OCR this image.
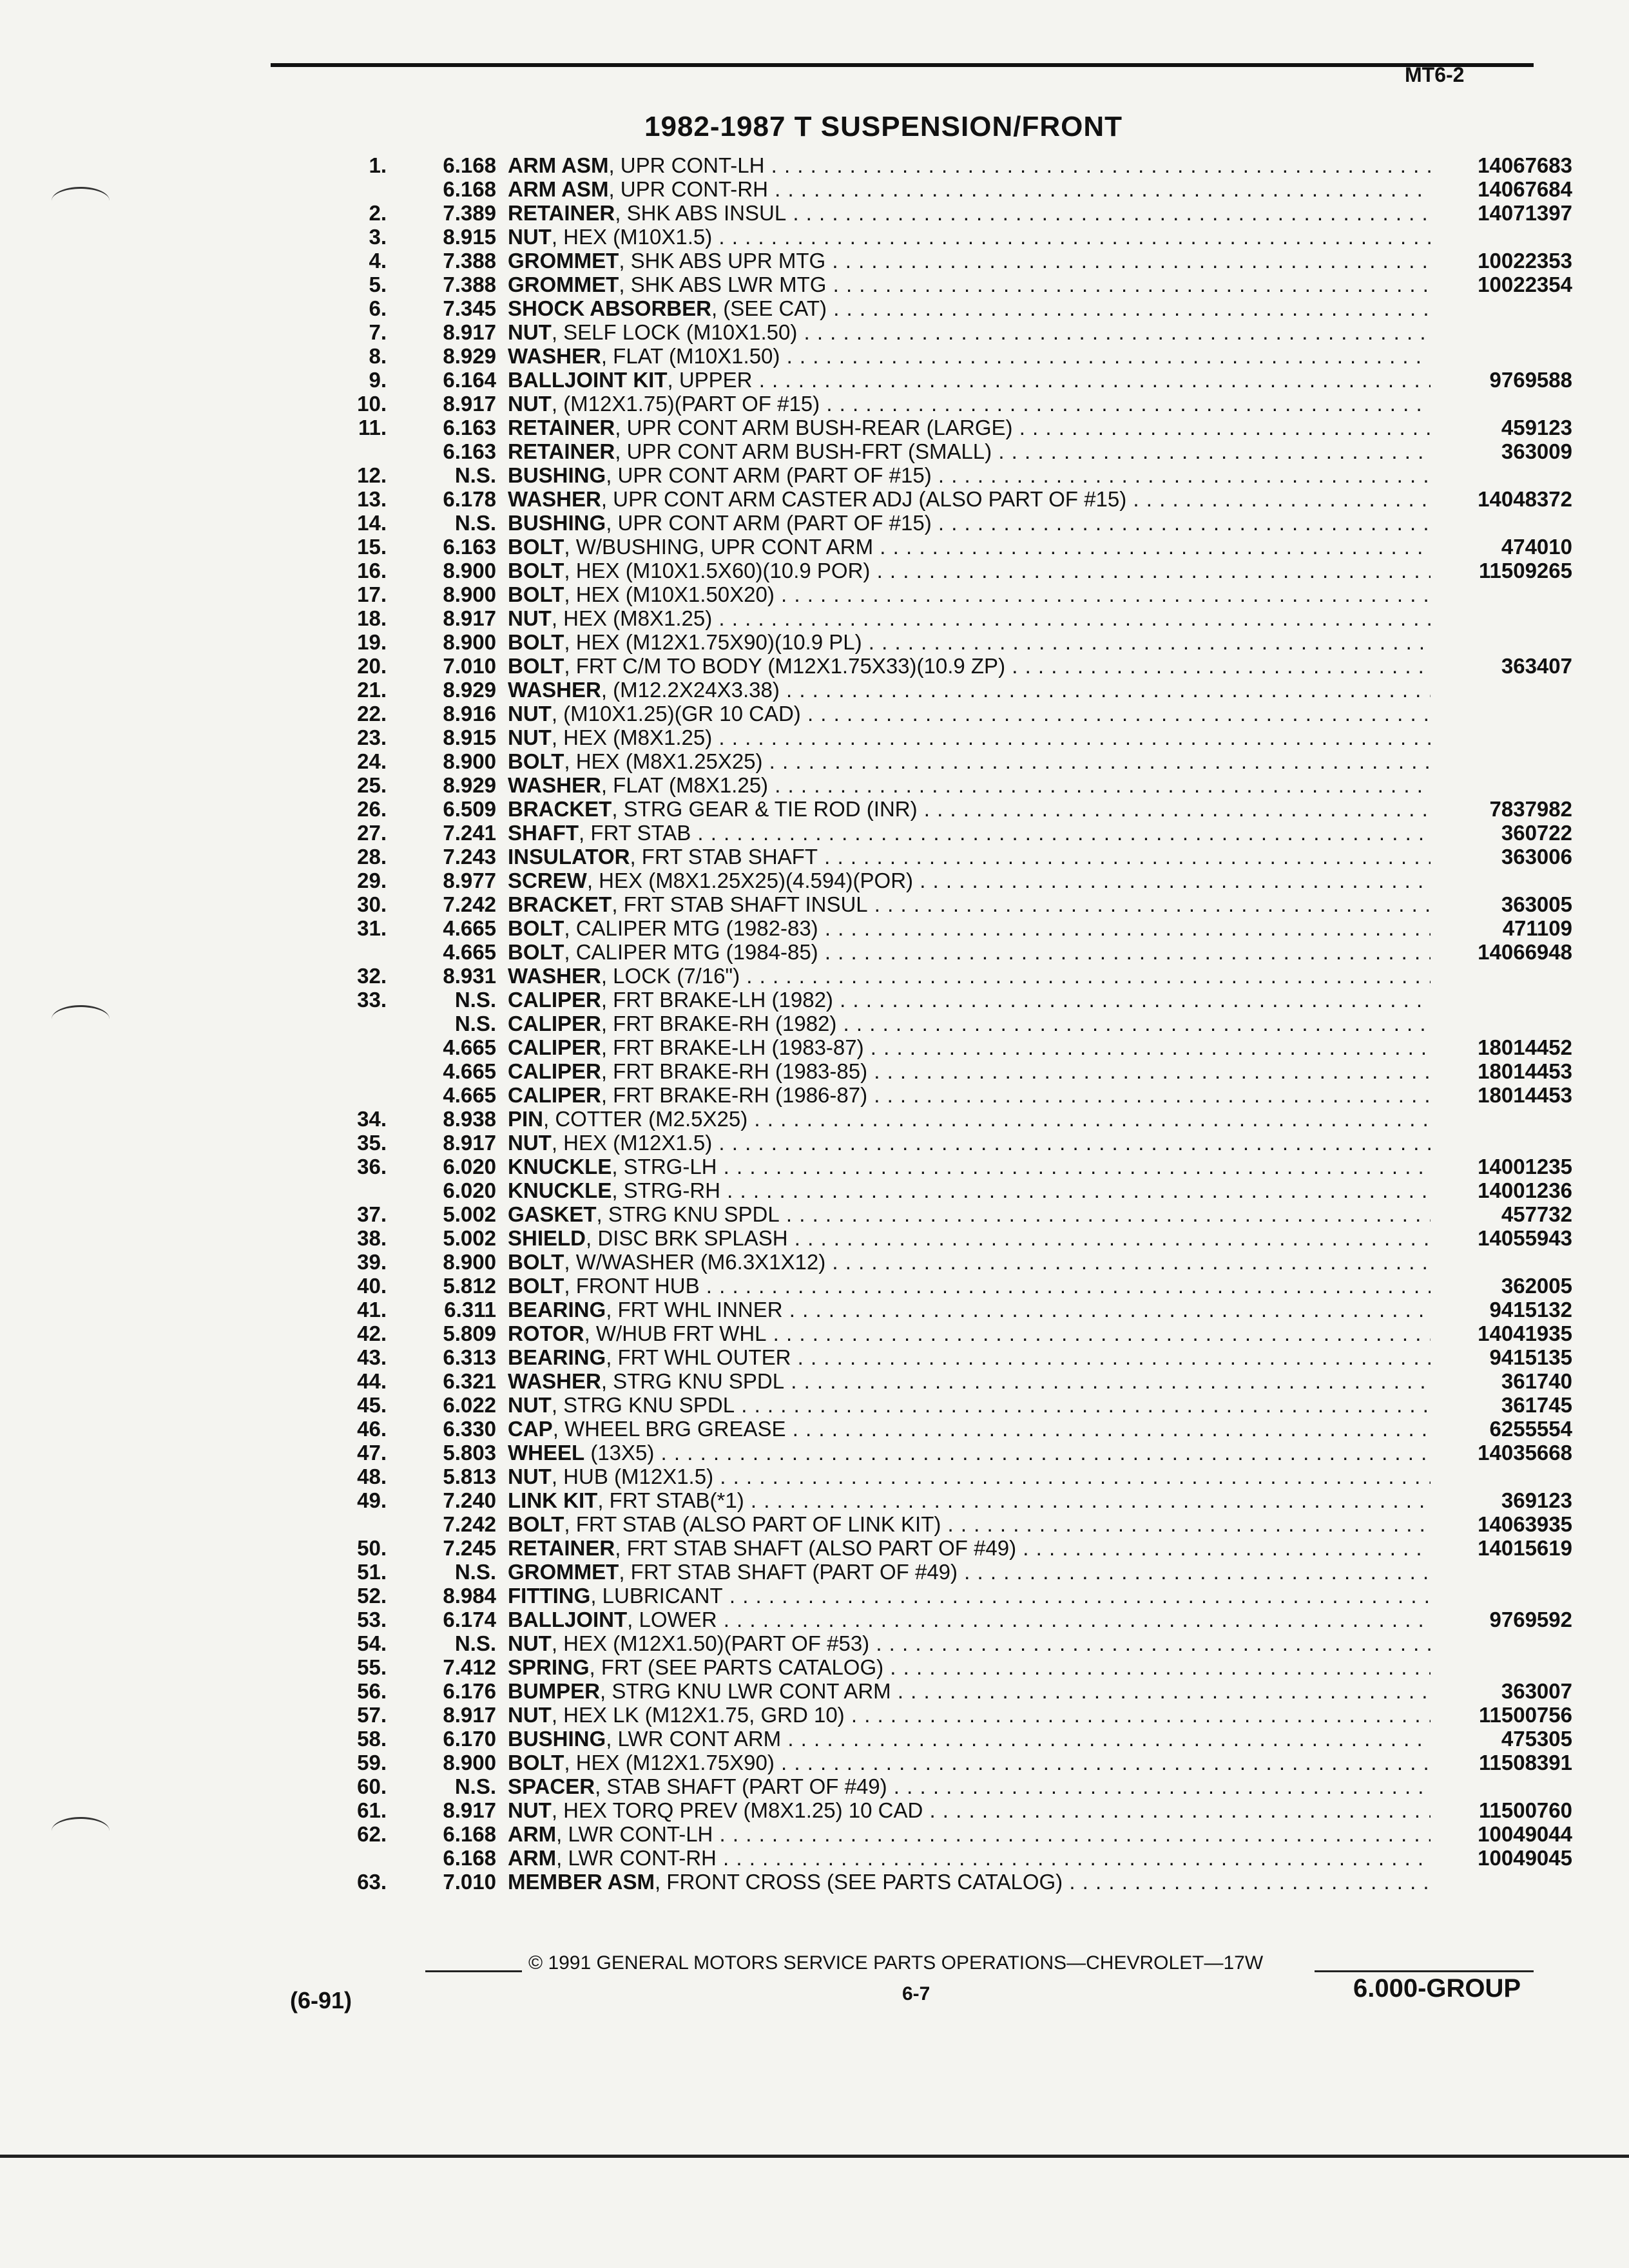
MT6-2
1982-1987 T SUSPENSION/FRONT
1.	6.168 ARM ASM, UPR CONT-LH . . .	14067683
6.168 ARM ASM, UPR CONT-RH . . .	14067684
2.	7.389 RETAINER, SHK ABS INSUL . . .	14071397
3.	8.915 NUT, HEX (M10X1.5) . . .
4.	7.388 GROMMET, SHK ABS UPR MTG . . .	10022353
5.	7.388 GROMMET, SHK ABS LWR MTG . . .	10022354
6.	7.345 SHOCK ABSORBER, (SEE CAT) . . .
7.	8.917 NUT, SELF LOCK (M10X1.50) . . .
8.	8.929 WASHER, FLAT (M10X1.50) . . .
9.	6.164 BALLJOINT KIT, UPPER . . .	9769588
10.	8.917 NUT, (M12X1.75)(PART OF #15) . . .
11.	6.163 RETAINER, UPR CONT ARM BUSH-REAR (LARGE) . . .	459123
6.163 RETAINER, UPR CONT ARM BUSH-FRT (SMALL) . . .	363009
12.	N.S. BUSHING, UPR CONT ARM (PART OF #15) . . .
13.	6.178 WASHER, UPR CONT ARM CASTER ADJ (ALSO PART OF #15) . . .	14048372
14.	N.S. BUSHING, UPR CONT ARM (PART OF #15) . . .
15.	6.163 BOLT, W/BUSHING, UPR CONT ARM . . .	474010
16.	8.900 BOLT, HEX (M10X1.5X60)(10.9 POR) . . .	11509265
17.	8.900 BOLT, HEX (M10X1.50X20) . . .
18.	8.917 NUT, HEX (M8X1.25) . . .
19.	8.900 BOLT, HEX (M12X1.75X90)(10.9 PL) . . .
20.	7.010 BOLT, FRT C/M TO BODY (M12X1.75X33)(10.9 ZP) . . .	363407
21.	8.929 WASHER, (M12.2X24X3.38) . . .
22.	8.916 NUT, (M10X1.25)(GR 10 CAD) . . .
23.	8.915 NUT, HEX (M8X1.25) . . .
24.	8.900 BOLT, HEX (M8X1.25X25) . . .
25.	8.929 WASHER, FLAT (M8X1.25) . . .
26.	6.509 BRACKET, STRG GEAR & TIE ROD (INR) . . .	7837982
27.	7.241 SHAFT, FRT STAB . . .	360722
28.	7.243 INSULATOR, FRT STAB SHAFT . . .	363006
29.	8.977 SCREW, HEX (M8X1.25X25)(4.594)(POR) . . .
30.	7.242 BRACKET, FRT STAB SHAFT INSUL . . .	363005
31.	4.665 BOLT, CALIPER MTG (1982-83) . . .	471109
4.665 BOLT, CALIPER MTG (1984-85) . . .	14066948
32.	8.931 WASHER, LOCK (7/16") . . .
33.	N.S. CALIPER, FRT BRAKE-LH (1982) . . .
N.S. CALIPER, FRT BRAKE-RH (1982) . . .
4.665 CALIPER, FRT BRAKE-LH (1983-87) . . .	18014452
4.665 CALIPER, FRT BRAKE-RH (1983-85) . . .	18014453
4.665 CALIPER, FRT BRAKE-RH (1986-87) . . .	18014453
34.	8.938 PIN, COTTER (M2.5X25) . . .
35.	8.917 NUT, HEX (M12X1.5) . . .
36.	6.020 KNUCKLE, STRG-LH . . .	14001235
6.020 KNUCKLE, STRG-RH . . .	14001236
37.	5.002 GASKET, STRG KNU SPDL . . .	457732
38.	5.002 SHIELD, DISC BRK SPLASH . . .	14055943
39.	8.900 BOLT, W/WASHER (M6.3X1X12) . . .
40.	5.812 BOLT, FRONT HUB . . .	362005
41.	6.311 BEARING, FRT WHL INNER . . .	9415132
42.	5.809 ROTOR, W/HUB FRT WHL . . .	14041935
43.	6.313 BEARING, FRT WHL OUTER . . .	9415135
44.	6.321 WASHER, STRG KNU SPDL . . .	361740
45.	6.022 NUT, STRG KNU SPDL . . .	361745
46.	6.330 CAP, WHEEL BRG GREASE . . .	6255554
47.	5.803 WHEEL (13X5) . . .	14035668
48.	5.813 NUT, HUB (M12X1.5) . . .
49.	7.240 LINK KIT, FRT STAB(*1) . . .	369123
7.242 BOLT, FRT STAB (ALSO PART OF LINK KIT) . . .	14063935
50.	7.245 RETAINER, FRT STAB SHAFT (ALSO PART OF #49) . . .	14015619
51.	N.S. GROMMET, FRT STAB SHAFT (PART OF #49) . . .
52.	8.984 FITTING, LUBRICANT . . .
53.	6.174 BALLJOINT, LOWER . . .	9769592
54.	N.S. NUT, HEX (M12X1.50)(PART OF #53) . . .
55.	7.412 SPRING, FRT (SEE PARTS CATALOG) . . .
56.	6.176 BUMPER, STRG KNU LWR CONT ARM . . .	363007
57.	8.917 NUT, HEX LK (M12X1.75, GRD 10) . . .	11500756
58.	6.170 BUSHING, LWR CONT ARM . . .	475305
59.	8.900 BOLT, HEX (M12X1.75X90) . . .	11508391
60.	N.S. SPACER, STAB SHAFT (PART OF #49) . . .
61.	8.917 NUT, HEX TORQ PREV (M8X1.25) 10 CAD . . .	11500760
62.	6.168 ARM, LWR CONT-LH . . .	10049044
6.168 ARM, LWR CONT-RH . . .	10049045
63.	7.010 MEMBER ASM, FRONT CROSS (SEE PARTS CATALOG) . . .
© 1991 GENERAL MOTORS SERVICE PARTS OPERATIONS—CHEVROLET—17W
(6-91)	6-7	6.000-GROUP
